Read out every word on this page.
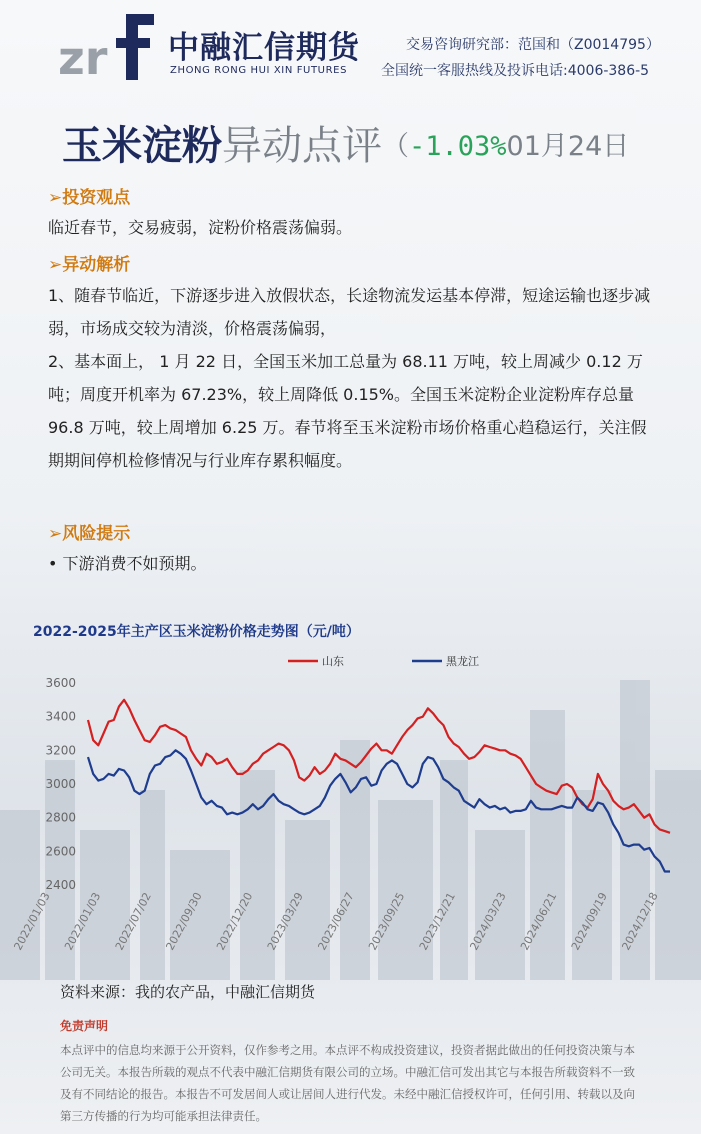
zr 中融汇信期货
ZHONG RONG HUI XIN FUTURES
交易咨询研究部：范国和（Z0014795）
全国统一客服热线及投诉电话:4006-386-5
玉米淀粉异动点评（-1.03%01月24日
➢投资观点
临近春节，交易疲弱，淀粉价格震荡偏弱。
➢异动解析
1、随春节临近，下游逐步进入放假状态，长途物流发运基本停滞，短途运输也逐步减弱，市场成交较为清淡，价格震荡偏弱，
2、基本面上， 1 月 22 日，全国玉米加工总量为 68.11 万吨，较上周减少 0.12 万吨；周度开机率为 67.23%，较上周降低 0.15%。全国玉米淀粉企业淀粉库存总量 96.8 万吨，较上周增加 6.25 万。春节将至玉米淀粉市场价格重心趋稳运行，关注假期期间停机检修情况与行业库存累积幅度。
➢风险提示
• 下游消费不如预期。
2022-2025年主产区玉米淀粉价格走势图（元/吨）
3600
3400
3200
3000
2800
2600
2400
山东	黑龙江
2022/01/03 2022/01/03 2022/07/02 2022/09/30 2022/12/20 2023/03/29 2023/06/27 2023/09/25 2023/12/21 2024/03/23 2024/06/21 2024/09/19 2024/12/18
资料来源：我的农产品，中融汇信期货
免责声明
本点评中的信息均来源于公开资料，仅作参考之用。本点评不构成投资建议，投资者据此做出的任何投资决策与本公司无关。本报告所载的观点不代表中融汇信期货有限公司的立场。中融汇信可发出其它与本报告所载资料不一致及有不同结论的报告。本报告不可发居间人或让居间人进行代发。未经中融汇信授权许可，任何引用、转载以及向第三方传播的行为均可能承担法律责任。
